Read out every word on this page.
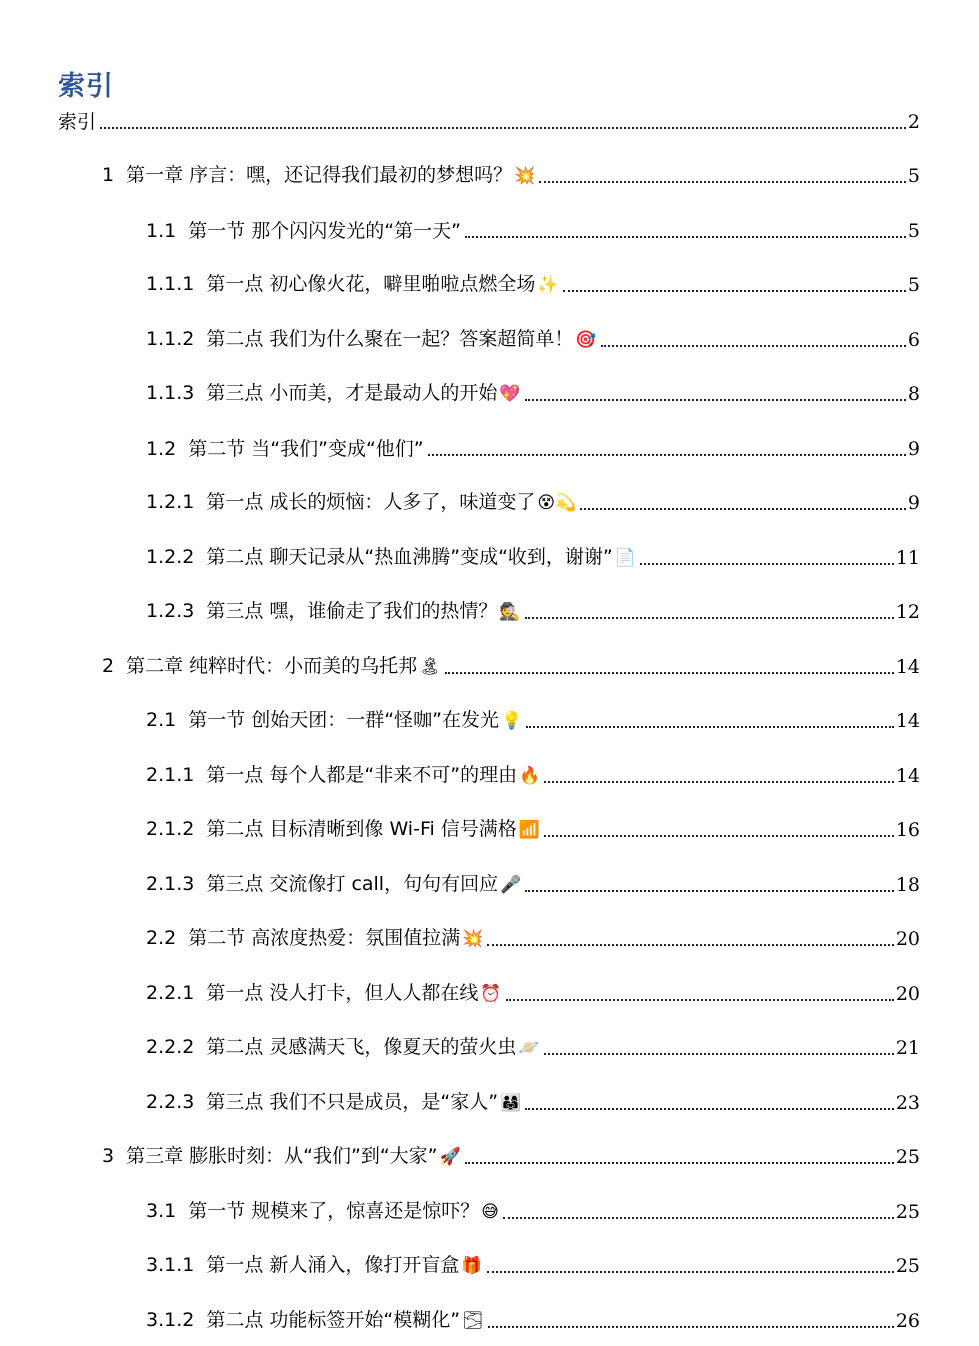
索引
索引	2
1 第一章 序言：嘿，还记得我们最初的梦想吗？ 💥	5
1.1 第一节 那个闪闪发光的“第一天”	5
1.1.1 第一点 初心像火花，噼里啪啦点燃全场 ✨	5
1.1.2 第二点 我们为什么聚在一起？答案超简单！ 🎯	6
1.1.3 第三点 小而美，才是最动人的开始 💖	8
1.2 第二节 当“我们”变成“他们”	9
1.2.1 第一点 成长的烦恼：人多了，味道变了 😵💫	9
1.2.2 第二点 聊天记录从“热血沸腾”变成“收到，谢谢” 📄	11
1.2.3 第三点 嘿，谁偷走了我们的热情？ 🕵	12
2 第二章 纯粹时代：小而美的乌托邦 🏝	14
2.1 第一节 创始天团：一群“怪咖”在发光 💡	14
2.1.1 第一点 每个人都是“非来不可”的理由 🔥	14
2.1.2 第二点 目标清晰到像 Wi-Fi 信号满格 📶	16
2.1.3 第三点 交流像打 call，句句有回应 🎤	18
2.2 第二节 高浓度热爱：氛围值拉满 💥	20
2.2.1 第一点 没人打卡，但人人都在线 ⏰	20
2.2.2 第二点 灵感满天飞，像夏天的萤火虫 🪐	21
2.2.3 第三点 我们不只是成员，是“家人” 👨‍👩‍👧	23
3 第三章 膨胀时刻：从“我们”到“大家” 🚀	25
3.1 第一节 规模来了，惊喜还是惊吓？ 😅	25
3.1.1 第一点 新人涌入，像打开盲盒 🎁	25
3.1.2 第二点 功能标签开始“模糊化” 🌫	26
